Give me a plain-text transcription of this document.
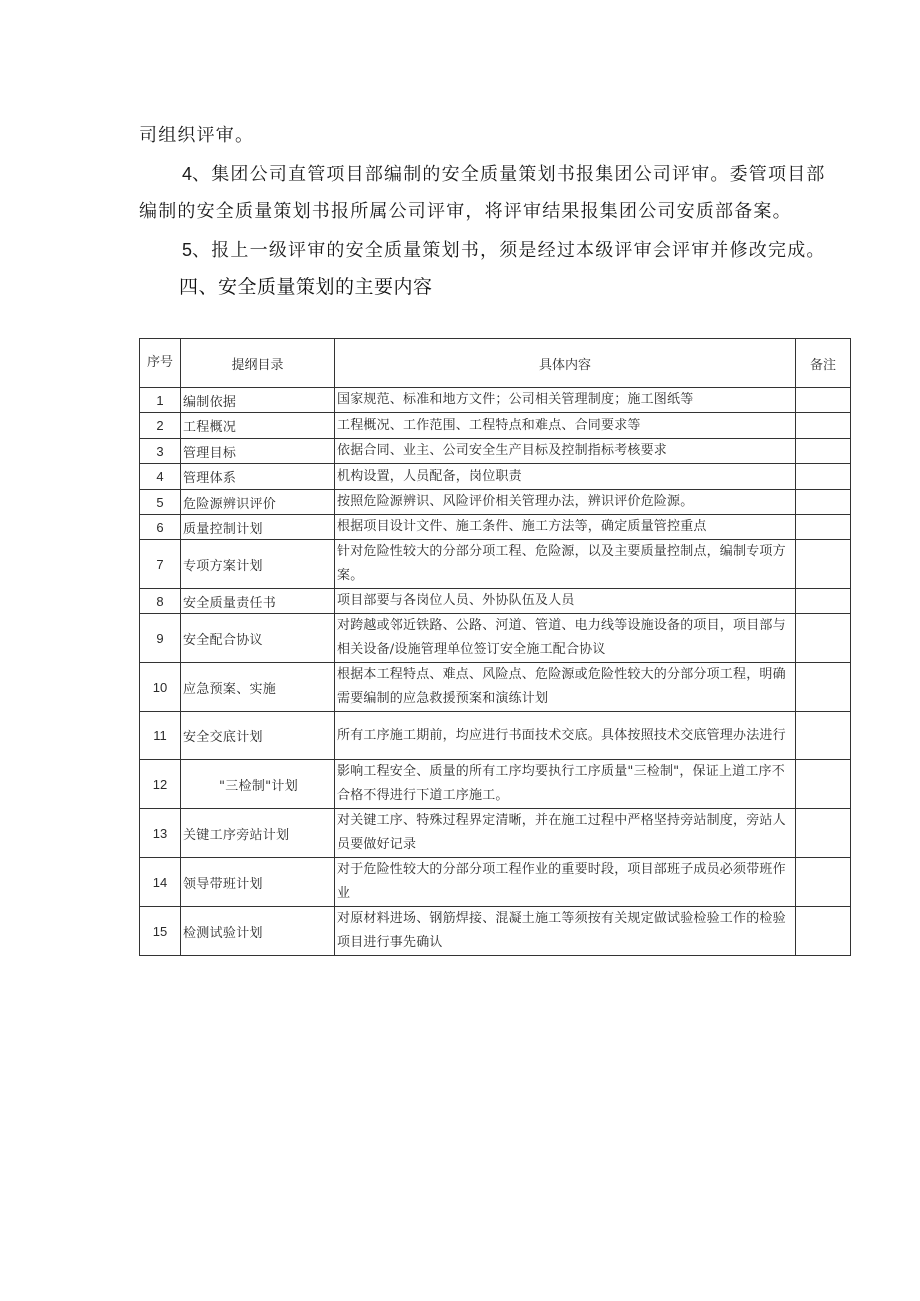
司组织评审。
4、集团公司直管项目部编制的安全质量策划书报集团公司评审。委管项目部
编制的安全质量策划书报所属公司评审，将评审结果报集团公司安质部备案。
5、报上一级评审的安全质量策划书，须是经过本级评审会评审并修改完成。
四、安全质量策划的主要内容
序号	提纲目录	具体内容	备注
1	编制依据	国家规范、标准和地方文件；公司相关管理制度；施工图纸等	
2	工程概况	工程概况、工作范围、工程特点和难点、合同要求等	
3	管理目标	依据合同、业主、公司安全生产目标及控制指标考核要求	
4	管理体系	机构设置，人员配备，岗位职责	
5	危险源辨识评价	按照危险源辨识、风险评价相关管理办法，辨识评价危险源。	
6	质量控制计划	根据项目设计文件、施工条件、施工方法等，确定质量管控重点	
7	专项方案计划	针对危险性较大的分部分项工程、危险源，以及主要质量控制点，编制专项方案。	
8	安全质量责任书	项目部要与各岗位人员、外协队伍及人员	
9	安全配合协议	对跨越或邻近铁路、公路、河道、管道、电力线等设施设备的项目，项目部与相关设备/设施管理单位签订安全施工配合协议	
10	应急预案、实施	根据本工程特点、难点、风险点、危险源或危险性较大的分部分项工程，明确需要编制的应急救援预案和演练计划	
11	安全交底计划	所有工序施工期前，均应进行书面技术交底。具体按照技术交底管理办法进行	
12	"三检制"计划	影响工程安全、质量的所有工序均要执行工序质量"三检制"，保证上道工序不合格不得进行下道工序施工。	
13	关键工序旁站计划	对关键工序、特殊过程界定清晰，并在施工过程中严格坚持旁站制度，旁站人员要做好记录	
14	领导带班计划	对于危险性较大的分部分项工程作业的重要时段，项目部班子成员必须带班作业	
15	检测试验计划	对原材料进场、钢筋焊接、混凝土施工等须按有关规定做试验检验工作的检验项目进行事先确认	
